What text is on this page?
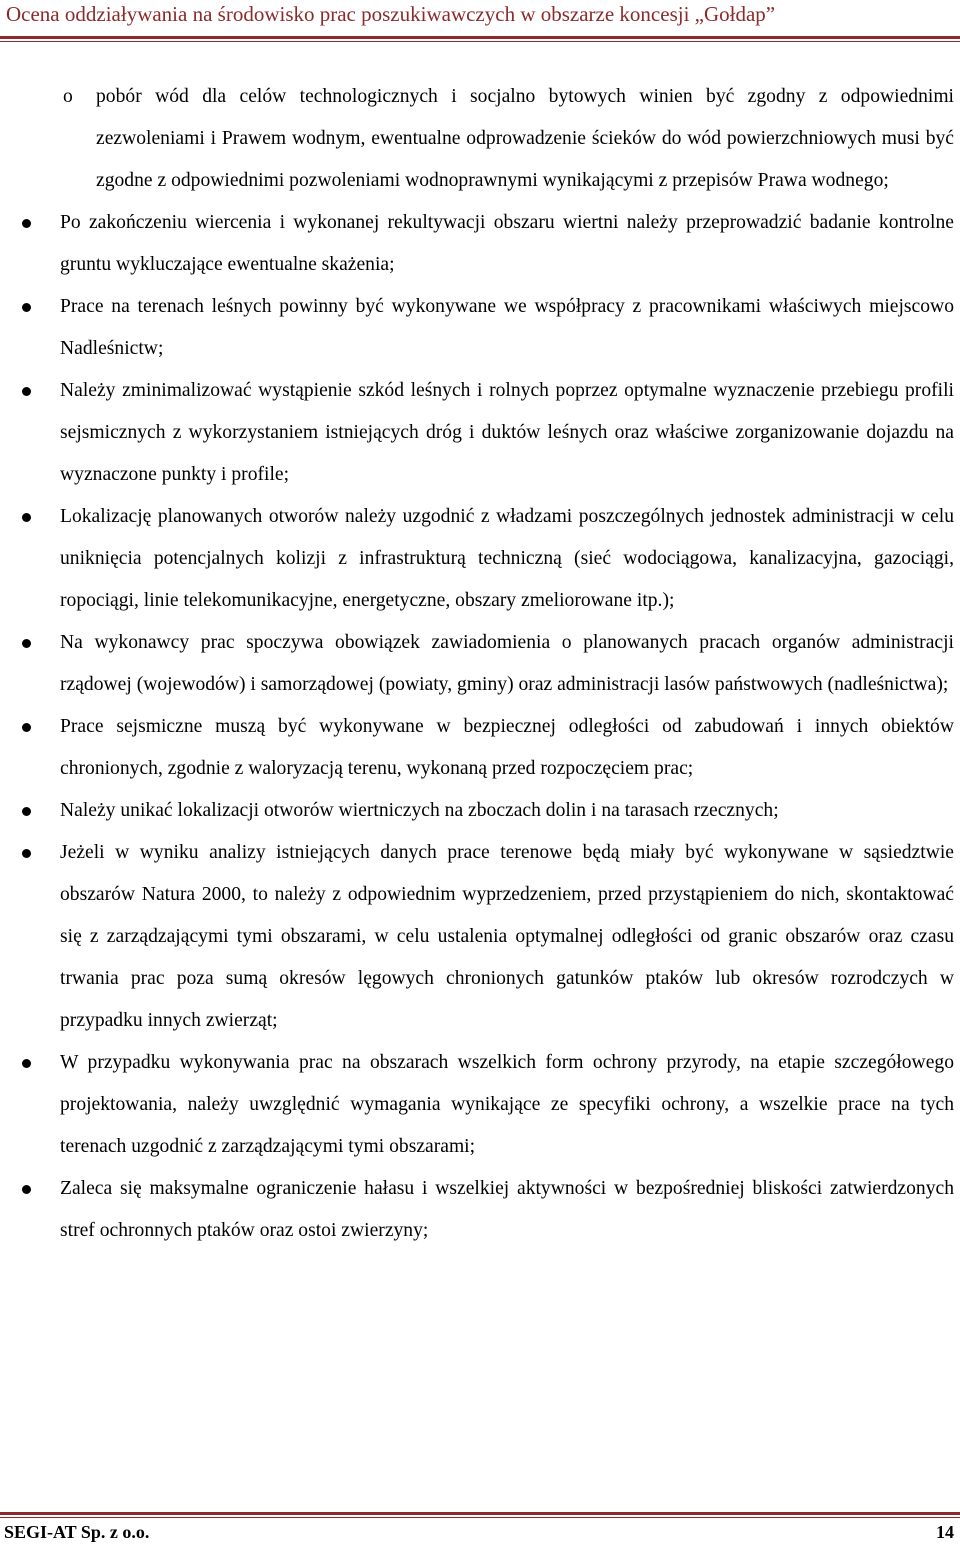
Ocena oddziaływania na środowisko prac poszukiwawczych w obszarze koncesji „Gołdap”
o pobór wód dla celów technologicznych i socjalno bytowych winien być zgodny z odpowiednimi zezwoleniami i Prawem wodnym, ewentualne odprowadzenie ścieków do wód powierzchniowych musi być zgodne z odpowiednimi pozwoleniami wodnoprawnymi wynikającymi z przepisów Prawa wodnego;
Po zakończeniu wiercenia i wykonanej rekultywacji obszaru wiertni należy przeprowadzić badanie kontrolne gruntu wykluczające ewentualne skażenia;
Prace na terenach leśnych powinny być wykonywane we współpracy z pracownikami właściwych miejscowo Nadleśnictw;
Należy zminimalizować wystąpienie szkód leśnych i rolnych poprzez optymalne wyznaczenie przebiegu profili sejsmicznych z wykorzystaniem istniejących dróg i duktów leśnych oraz właściwe zorganizowanie dojazdu na wyznaczone punkty i profile;
Lokalizację planowanych otworów należy uzgodnić z władzami poszczególnych jednostek administracji w celu uniknięcia potencjalnych kolizji z infrastrukturą techniczną (sieć wodociągowa, kanalizacyjna, gazociągi, ropociągi, linie telekomunikacyjne, energetyczne, obszary zmeliorowane itp.);
Na wykonawcy prac spoczywa obowiązek zawiadomienia o planowanych pracach organów administracji rządowej (wojewodów) i samorządowej (powiaty, gminy) oraz administracji lasów państwowych (nadleśnictwa);
Prace sejsmiczne muszą być wykonywane w bezpiecznej odległości od zabudowań i innych obiektów chronionych, zgodnie z waloryzacją terenu, wykonaną przed rozpoczęciem prac;
Należy unikać lokalizacji otworów wiertniczych na zboczach dolin i na tarasach rzecznych;
Jeżeli w wyniku analizy istniejących danych prace terenowe będą miały być wykonywane w sąsiedztwie obszarów Natura 2000, to należy z odpowiednim wyprzedzeniem, przed przystąpieniem do nich, skontaktować się z zarządzającymi tymi obszarami, w celu ustalenia optymalnej odległości od granic obszarów oraz czasu trwania prac poza sumą okresów lęgowych chronionych gatunków ptaków lub okresów rozrodczych w przypadku innych zwierząt;
W przypadku wykonywania prac na obszarach wszelkich form ochrony przyrody, na etapie szczegółowego projektowania, należy uwzględnić wymagania wynikające ze specyfiki ochrony, a wszelkie prace na tych terenach uzgodnić z zarządzającymi tymi obszarami;
Zaleca się maksymalne ograniczenie hałasu i wszelkiej aktywności w bezpośredniej bliskości zatwierdzonych stref ochronnych ptaków oraz ostoi zwierzyny;
SEGI-AT Sp. z o.o.	14
